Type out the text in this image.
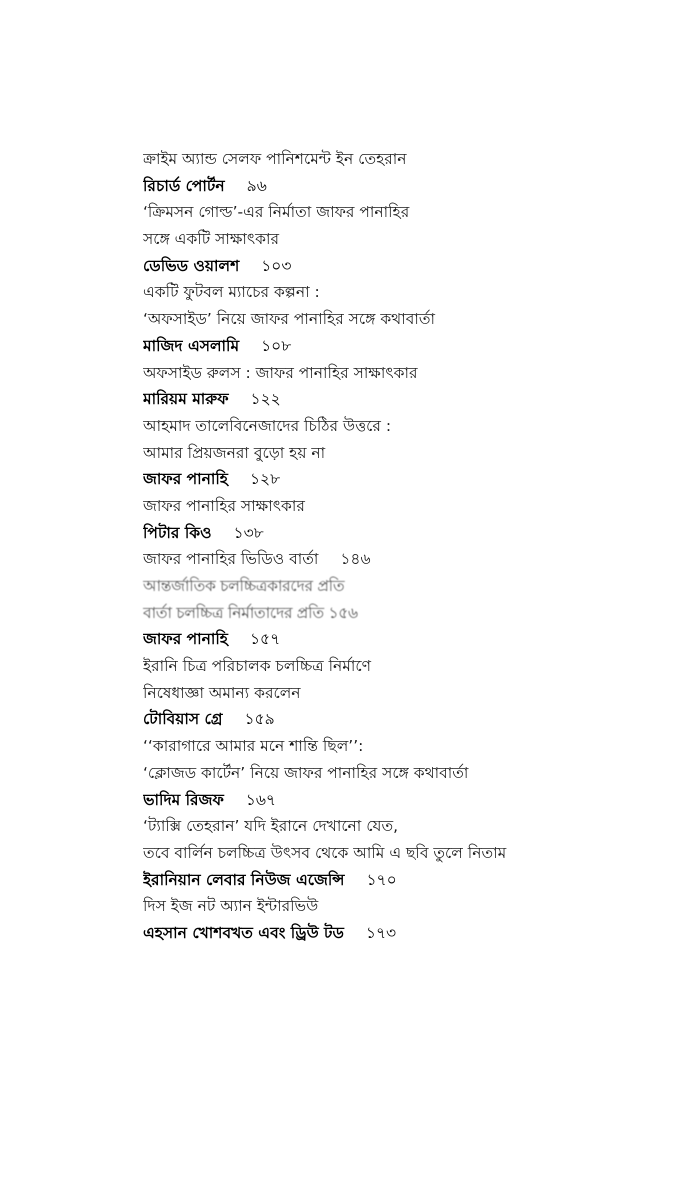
ক্রাইম অ্যান্ড সেলফ পানিশমেন্ট ইন তেহরান
রিচার্ড পোর্টন ৯৬
‘ক্রিমসন গোল্ড’-এর নির্মাতা জাফর পানাহির
সঙ্গে একটি সাক্ষাৎকার
ডেভিড ওয়ালশ ১০৩
একটি ফুটবল ম্যাচের কল্পনা :
‘অফসাইড’ নিয়ে জাফর পানাহির সঙ্গে কথাবার্তা
মাজিদ এসলামি ১০৮
অফসাইড রুলস : জাফর পানাহির সাক্ষাৎকার
মারিয়ম মারুফ ১২২
আহমাদ তালেবিনেজাদের চিঠির উত্তরে :
আমার প্রিয়জনরা বুড়ো হয় না
জাফর পানাহি ১২৮
জাফর পানাহির সাক্ষাৎকার
পিটার কিও ১৩৮
জাফর পানাহির ভিডিও বার্তা ১৪৬
আন্তর্জাতিক চলচ্চিত্রকারদের প্রতি
বার্তা চলচ্চিত্র নির্মাতাদের প্রতি ১৫৬
জাফর পানাহি ১৫৭
ইরানি চিত্র পরিচালক চলচ্চিত্র নির্মাণে
নিষেধাজ্ঞা অমান্য করলেন
টোবিয়াস গ্রে ১৫৯
‘‘কারাগারে আমার মনে শান্তি ছিল’’:
‘ক্লোজড কার্টেন’ নিয়ে জাফর পানাহির সঙ্গে কথাবার্তা
ভাদিম রিজফ ১৬৭
‘ট্যাক্সি তেহরান’ যদি ইরানে দেখানো যেত,
তবে বার্লিন চলচ্চিত্র উৎসব থেকে আমি এ ছবি তুলে নিতাম
ইরানিয়ান লেবার নিউজ এজেন্সি ১৭০
দিস ইজ নট অ্যান ইন্টারভিউ
এহসান খোশবখত এবং ড্রিউ টড ১৭৩
